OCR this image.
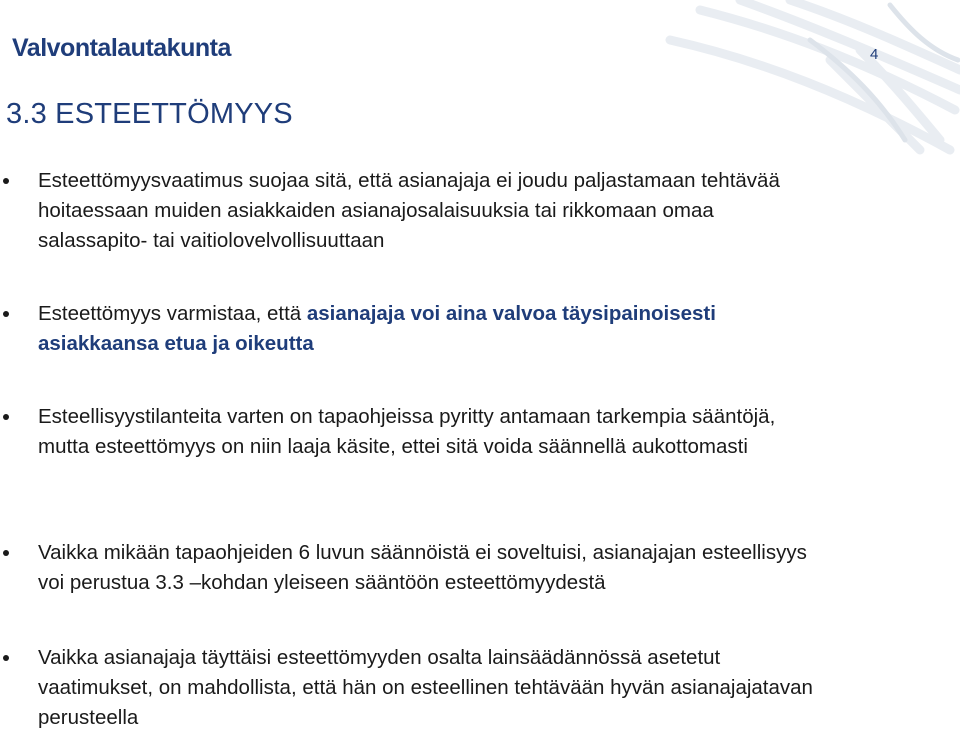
Valvontalautakunta	4
3.3 ESTEETTÖMYYS

Esteettömyysvaatimus suojaa sitä, että asianajaja ei joudu paljastamaan tehtävää hoitaessaan muiden asiakkaiden asianajosalaisuuksia tai rikkomaan omaa salassapito- tai vaitiolovelvollisuuttaan

Esteettömyys varmistaa, että asianajaja voi aina valvoa täysipainoisesti asiakkaansa etua ja oikeutta

Esteellisyystilanteita varten on tapaohjeissa pyritty antamaan tarkempia sääntöjä, mutta esteettömyys on niin laaja käsite, ettei sitä voida säännellä aukottomasti

Vaikka mikään tapaohjeiden 6 luvun säännöistä ei soveltuisi, asianajajan esteellisyys voi perustua 3.3 –kohdan yleiseen sääntöön esteettömyydestä

Vaikka asianajaja täyttäisi esteettömyyden osalta lainsäädännössä asetetut vaatimukset, on mahdollista, että hän on esteellinen tehtävään hyvän asianajajatavan perusteella
